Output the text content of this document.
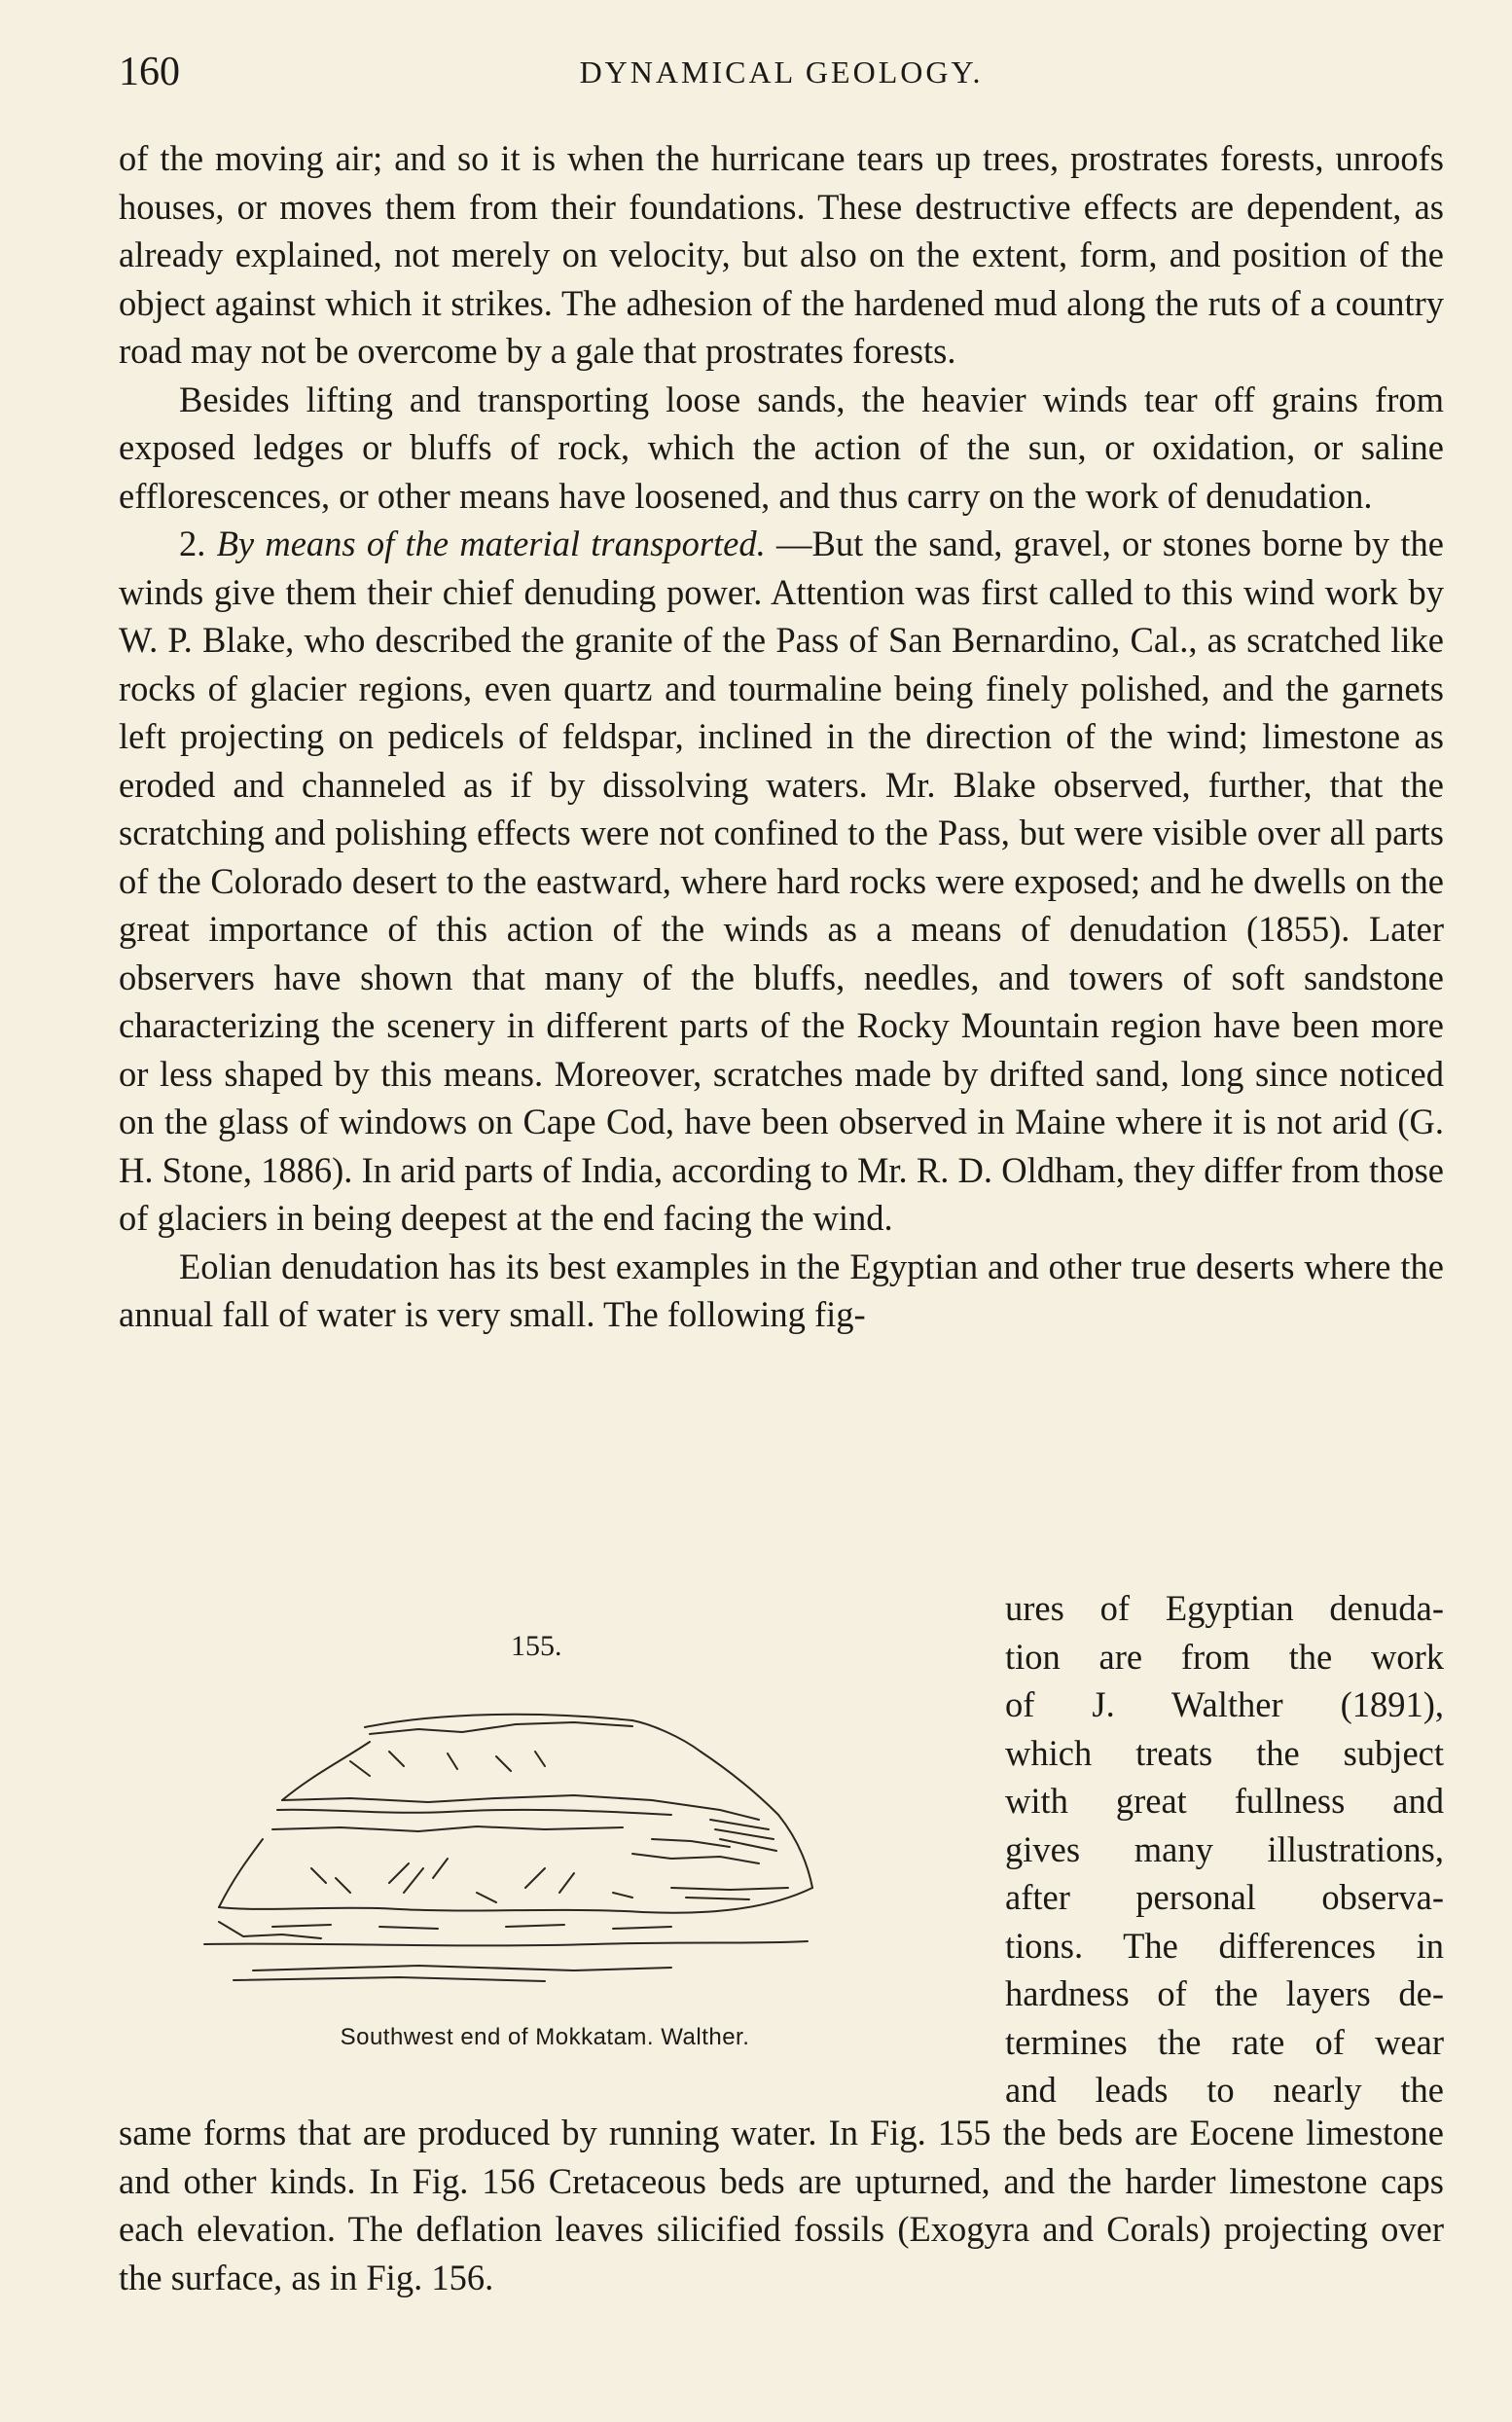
160	DYNAMICAL GEOLOGY.

of the moving air; and so it is when the hurricane tears up trees, prostrates forests, unroofs houses, or moves them from their foundations. These destructive effects are dependent, as already explained, not merely on velocity, but also on the extent, form, and position of the object against which it strikes. The adhesion of the hardened mud along the ruts of a country road may not be overcome by a gale that prostrates forests.

Besides lifting and transporting loose sands, the heavier winds tear off grains from exposed ledges or bluffs of rock, which the action of the sun, or oxidation, or saline efflorescences, or other means have loosened, and thus carry on the work of denudation.

2. By means of the material transported. —But the sand, gravel, or stones borne by the winds give them their chief denuding power. Attention was first called to this wind work by W. P. Blake, who described the granite of the Pass of San Bernardino, Cal., as scratched like rocks of glacier regions, even quartz and tourmaline being finely polished, and the garnets left projecting on pedicels of feldspar, inclined in the direction of the wind; limestone as eroded and channeled as if by dissolving waters. Mr. Blake observed, further, that the scratching and polishing effects were not confined to the Pass, but were visible over all parts of the Colorado desert to the eastward, where hard rocks were exposed; and he dwells on the great importance of this action of the winds as a means of denudation (1855). Later observers have shown that many of the bluffs, needles, and towers of soft sandstone characterizing the scenery in different parts of the Rocky Mountain region have been more or less shaped by this means. Moreover, scratches made by drifted sand, long since noticed on the glass of windows on Cape Cod, have been observed in Maine where it is not arid (G. H. Stone, 1886). In arid parts of India, according to Mr. R. D. Oldham, they differ from those of glaciers in being deepest at the end facing the wind.

Eolian denudation has its best examples in the Egyptian and other true deserts where the annual fall of water is very small. The following fig-

155.
Southwest end of Mokkatam. Walther.
ures of Egyptian denuda-
tion are from the work
of J. Walther (1891),
which treats the subject
with great fullness and
gives many illustrations,
after personal observa-
tions. The differences in
hardness of the layers de-
termines the rate of wear
and leads to nearly the

same forms that are produced by running water. In Fig. 155 the beds are Eocene limestone and other kinds. In Fig. 156 Cretaceous beds are upturned, and the harder limestone caps each elevation. The deflation leaves silicified fossils (Exogyra and Corals) projecting over the surface, as in Fig. 156.
